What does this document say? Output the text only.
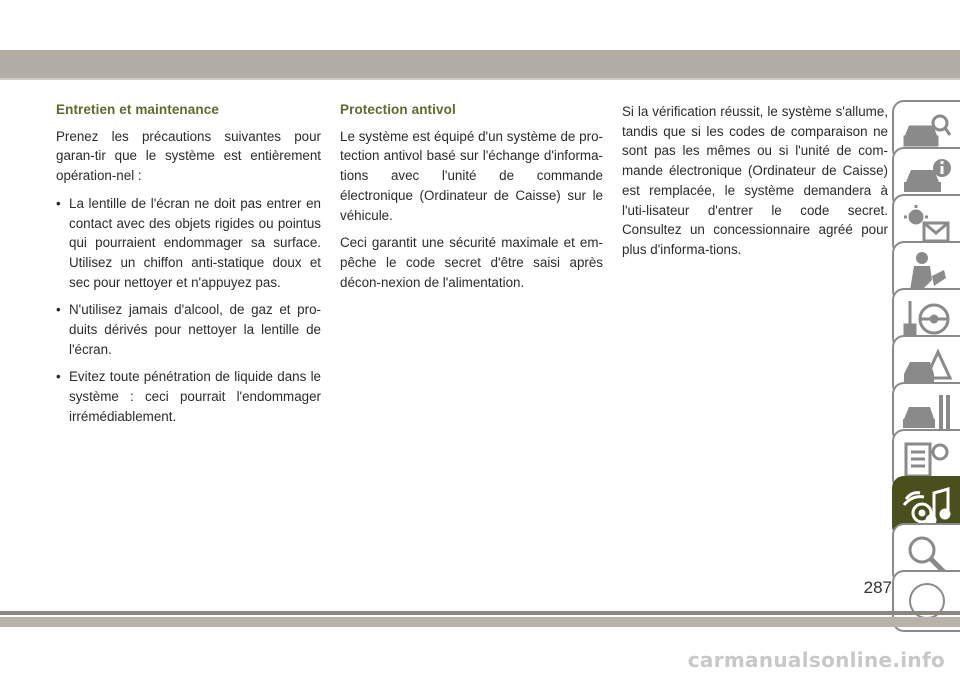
Entretien et maintenance

Prenez les précautions suivantes pour garan-tir que le système est entièrement opération-nel :

• La lentille de l'écran ne doit pas entrer en contact avec des objets rigides ou pointus qui pourraient endommager sa surface. Utilisez un chiffon anti-statique doux et sec pour nettoyer et n'appuyez pas.
• N'utilisez jamais d'alcool, de gaz et pro-duits dérivés pour nettoyer la lentille de l'écran.
• Evitez toute pénétration de liquide dans le système : ceci pourrait l'endommager irrémédiablement.
Protection antivol

Le système est équipé d'un système de pro-tection antivol basé sur l'échange d'informa-tions avec l'unité de commande électronique (Ordinateur de Caisse) sur le véhicule.

Ceci garantit une sécurité maximale et em-pêche le code secret d'être saisi après décon-nexion de l'alimentation.

Si la vérification réussit, le système s'allume, tandis que si les codes de comparaison ne sont pas les mêmes ou si l'unité de com-mande électronique (Ordinateur de Caisse) est remplacée, le système demandera à l'uti-lisateur d'entrer le code secret. Consultez un concessionnaire agréé pour plus d'informa-tions.

287
carmanualsonline.info
